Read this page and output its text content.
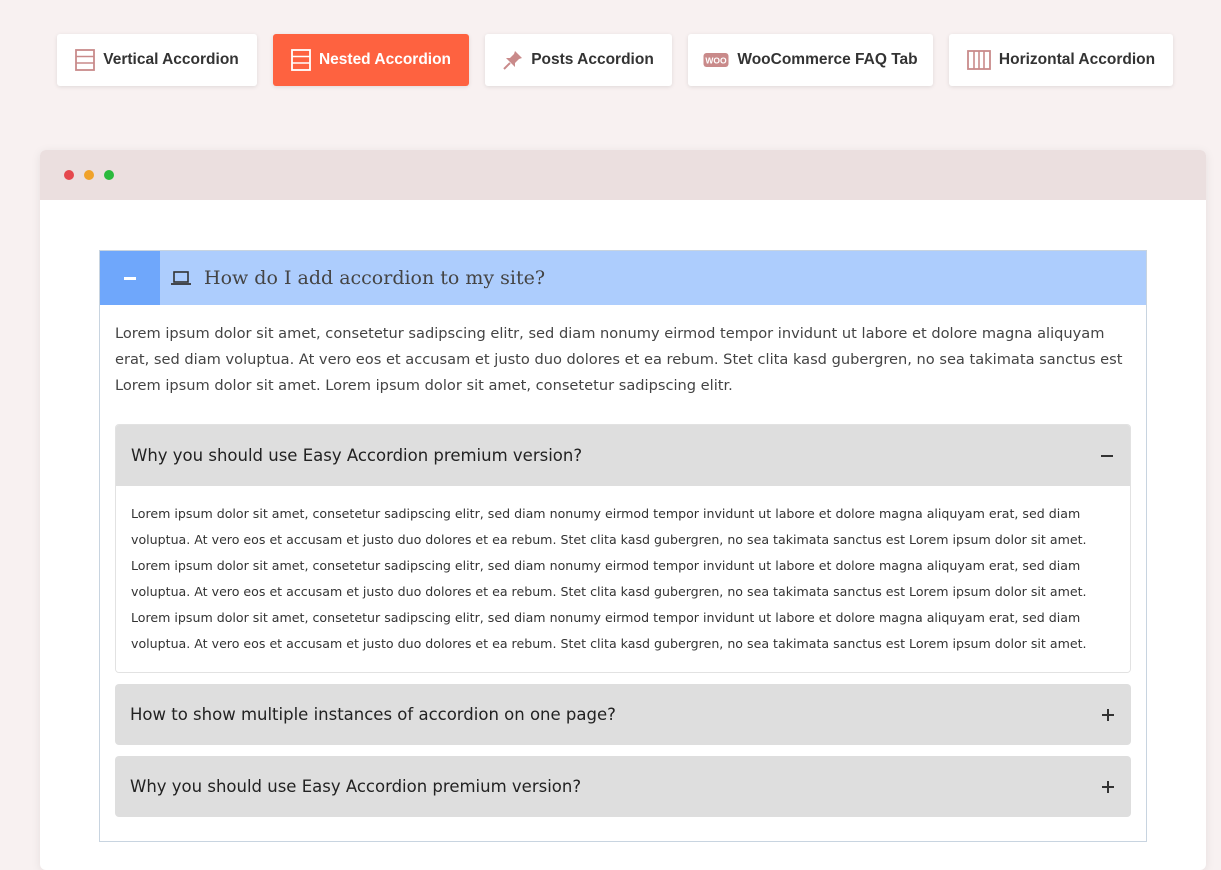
Vertical Accordion	Nested Accordion	Posts Accordion	WOO WooCommerce FAQ Tab	Horizontal Accordion
How do I add accordion to my site?
Lorem ipsum dolor sit amet, consetetur sadipscing elitr, sed diam nonumy eirmod tempor invidunt ut labore et dolore magna aliquyam erat, sed diam voluptua. At vero eos et accusam et justo duo dolores et ea rebum. Stet clita kasd gubergren, no sea takimata sanctus est Lorem ipsum dolor sit amet. Lorem ipsum dolor sit amet, consetetur sadipscing elitr.
Why you should use Easy Accordion premium version?
Lorem ipsum dolor sit amet, consetetur sadipscing elitr, sed diam nonumy eirmod tempor invidunt ut labore et dolore magna aliquyam erat, sed diam voluptua. At vero eos et accusam et justo duo dolores et ea rebum. Stet clita kasd gubergren, no sea takimata sanctus est Lorem ipsum dolor sit amet. Lorem ipsum dolor sit amet, consetetur sadipscing elitr, sed diam nonumy eirmod tempor invidunt ut labore et dolore magna aliquyam erat, sed diam voluptua. At vero eos et accusam et justo duo dolores et ea rebum. Stet clita kasd gubergren, no sea takimata sanctus est Lorem ipsum dolor sit amet. Lorem ipsum dolor sit amet, consetetur sadipscing elitr, sed diam nonumy eirmod tempor invidunt ut labore et dolore magna aliquyam erat, sed diam voluptua. At vero eos et accusam et justo duo dolores et ea rebum. Stet clita kasd gubergren, no sea takimata sanctus est Lorem ipsum dolor sit amet.
How to show multiple instances of accordion on one page?
Why you should use Easy Accordion premium version?
